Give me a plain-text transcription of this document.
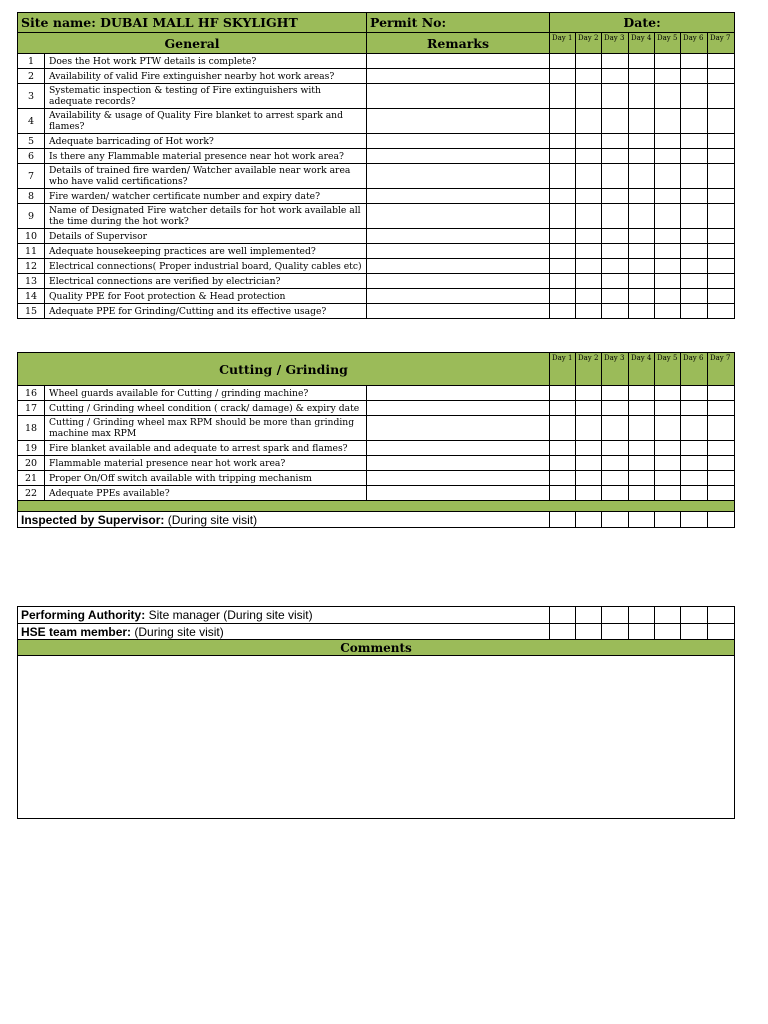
Site name: DUBAI MALL HF SKYLIGHT		Permit No:	Date:						
General		Remarks	Day 1	Day 2	Day 3	Day 4	Day 5	Day 6	Day 7
1	Does the Hot work PTW details is complete?								
2	Availability of valid Fire extinguisher nearby hot work areas?								
3	Systematic inspection & testing of Fire extinguishers with adequate records?								
4	Availability & usage of Quality Fire blanket to arrest spark and flames?								
5	Adequate barricading of Hot work?								
6	Is there any Flammable material presence near hot work area?								
7	Details of trained fire warden/ Watcher available near work area who have valid certifications?								
8	Fire warden/ watcher certificate number and expiry date?								
9	Name of Designated Fire watcher details for hot work available all the time during the hot work?								
10	Details of Supervisor								
11	Adequate housekeeping practices are well implemented?								
12	Electrical connections( Proper industrial board, Quality cables etc)								
13	Electrical connections are verified by electrician?								
14	Quality PPE for Foot protection & Head protection								
15	Adequate PPE for Grinding/Cutting and its effective usage?								
Cutting / Grinding			Day 1	Day 2	Day 3	Day 4	Day 5	Day 6	Day 7
16	Wheel guards available for Cutting / grinding machine?								
17	Cutting / Grinding wheel condition ( crack/ damage) & expiry date								
18	Cutting / Grinding wheel max RPM should be more than grinding machine max RPM								
19	Fire blanket available and adequate to arrest spark and flames?								
20	Flammable material presence near hot work area?								
21	Proper On/Off switch available with tripping mechanism								
22	Adequate PPEs available?								

Inspected by Supervisor: (During site visit)									
Performing Authority: Site manager (During site visit)							
HSE team member: (During site visit)							
Comments							
